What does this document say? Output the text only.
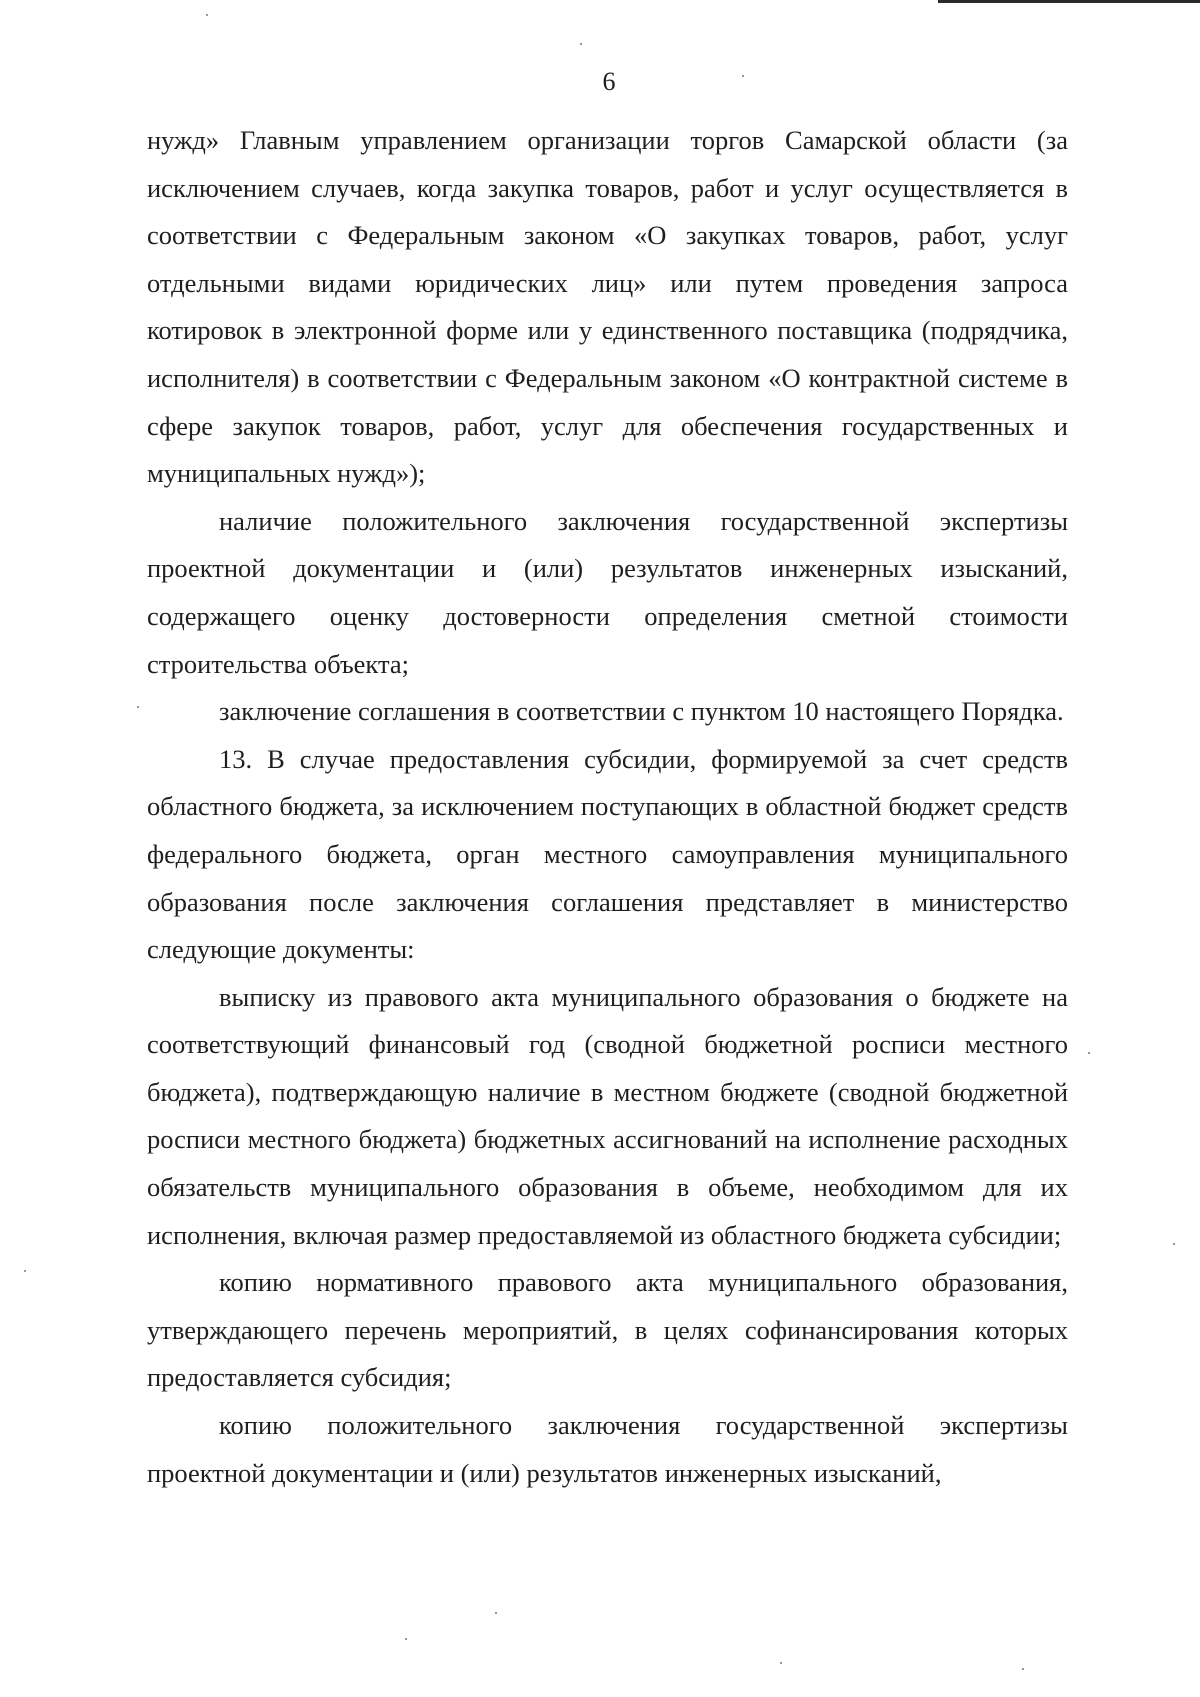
6

нужд» Главным управлением организации торгов Самарской области (за исключением случаев, когда закупка товаров, работ и услуг осуществляется в соответствии с Федеральным законом «О закупках товаров, работ, услуг отдельными видами юридических лиц» или путем проведения запроса котировок в электронной форме или у единственного поставщика (подрядчика, исполнителя) в соответствии с Федеральным законом «О контрактной системе в сфере закупок товаров, работ, услуг для обеспечения государственных и муниципальных нужд»);

наличие положительного заключения государственной экспертизы проектной документации и (или) результатов инженерных изысканий, содержащего оценку достоверности определения сметной стоимости строительства объекта;

заключение соглашения в соответствии с пунктом 10 настоящего Порядка.

13. В случае предоставления субсидии, формируемой за счет средств областного бюджета, за исключением поступающих в областной бюджет средств федерального бюджета, орган местного самоуправления муниципального образования после заключения соглашения представляет в министерство следующие документы:

выписку из правового акта муниципального образования о бюджете на соответствующий финансовый год (сводной бюджетной росписи местного бюджета), подтверждающую наличие в местном бюджете (сводной бюджетной росписи местного бюджета) бюджетных ассигнований на исполнение расходных обязательств муниципального образования в объеме, необходимом для их исполнения, включая размер предоставляемой из областного бюджета субсидии;

копию нормативного правового акта муниципального образования, утверждающего перечень мероприятий, в целях софинансирования которых предоставляется субсидия;

копию положительного заключения государственной экспертизы проектной документации и (или) результатов инженерных изысканий,
